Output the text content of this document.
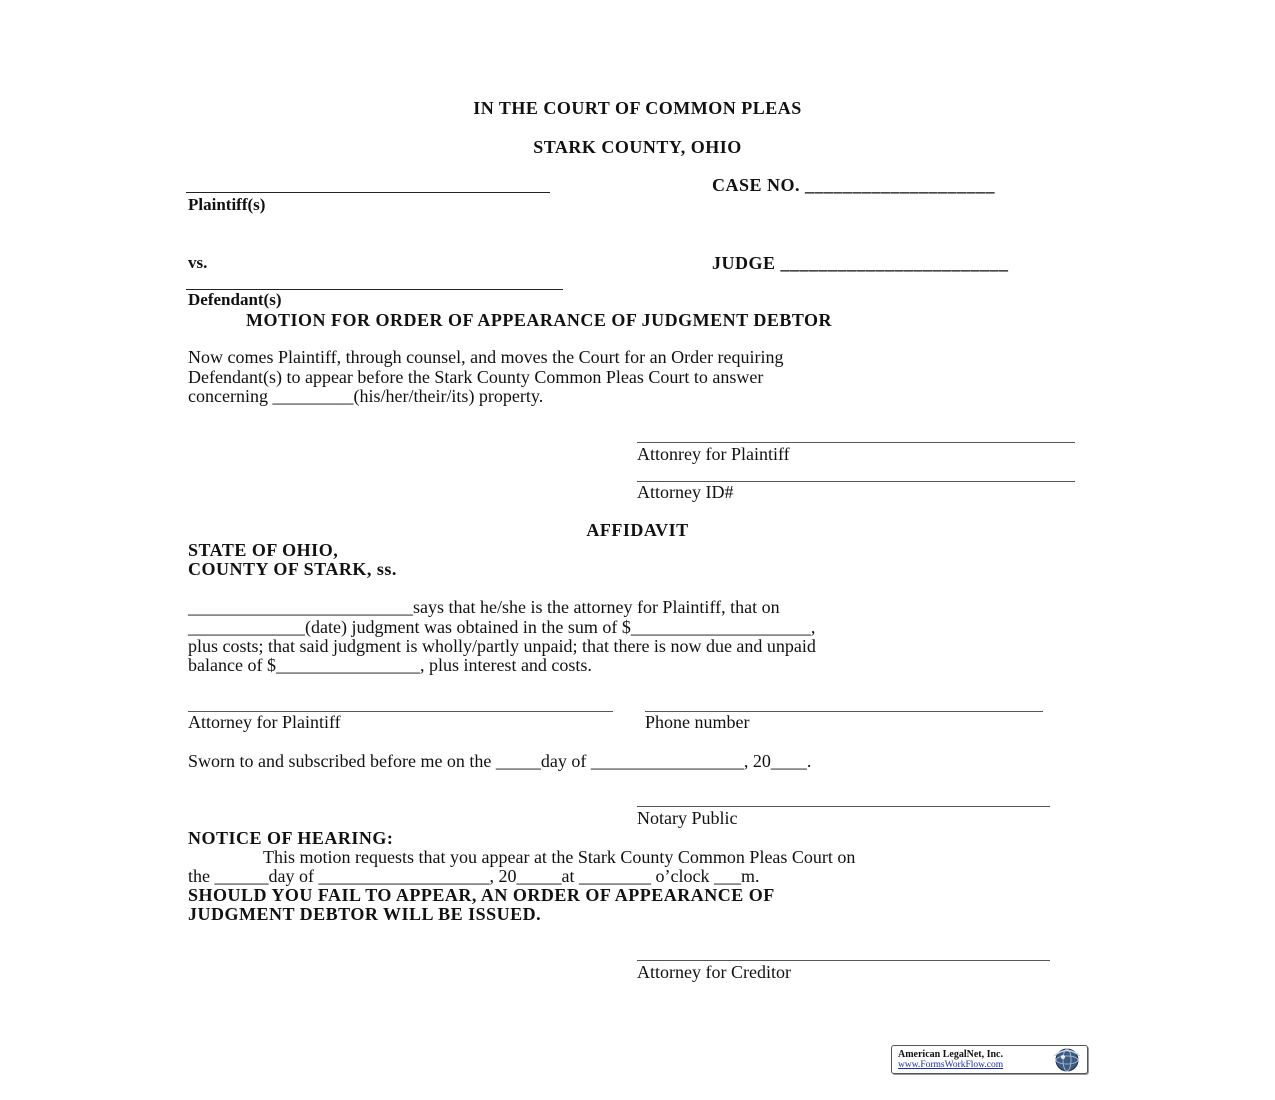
IN THE COURT OF COMMON PLEAS
STARK COUNTY, OHIO
CASE NO. ____________________
Plaintiff(s)
vs.	JUDGE ________________________
Defendant(s)
MOTION FOR ORDER OF APPEARANCE OF JUDGMENT DEBTOR
Now comes Plaintiff, through counsel, and moves the Court for an Order requiring
Defendant(s) to appear before the Stark County Common Pleas Court to answer
concerning _________(his/her/their/its) property.
Attonrey for Plaintiff
Attorney ID#
AFFIDAVIT
STATE OF OHIO,
COUNTY OF STARK, ss.
_________________________says that he/she is the attorney for Plaintiff, that on
_____________(date) judgment was obtained in the sum of $____________________,
plus costs; that said judgment is wholly/partly unpaid; that there is now due and unpaid
balance of $________________, plus interest and costs.
Attorney for Plaintiff	Phone number
Sworn to and subscribed before me on the _____day of _________________, 20____.
Notary Public
NOTICE OF HEARING:
This motion requests that you appear at the Stark County Common Pleas Court on
the ______day of ___________________, 20_____at ________ o’clock ___m.
SHOULD YOU FAIL TO APPEAR, AN ORDER OF APPEARANCE OF
JUDGMENT DEBTOR WILL BE ISSUED.
Attorney for Creditor
American LegalNet, Inc.
www.FormsWorkFlow.com
